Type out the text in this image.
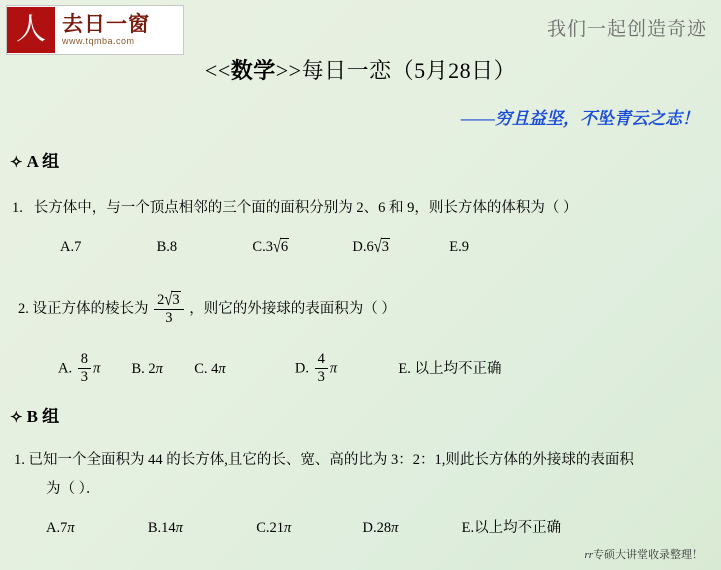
人 去日一窗
www.tqmba.com
我们一起创造奇迹
<<数学>>每日一恋（5月28日）
——穷且益坚，不坠青云之志！
✧ A 组
1. 长方体中，与一个顶点相邻的三个面的面积分别为 2、6 和 9，则长方体的体积为（ ）
A.7	B.8	C.3√6	D.6√3	E.9
2. 设正方体的棱长为 $\frac{2√3}{3}$ ，则它的外接球的表面积为（ ）
A. $\frac{8}{3}$ π B. 2π C. 4π	D. $\frac{4}{3}$ π	E. 以上均不正确
✧ B 组
1. 已知一个全面积为 44 的长方体,且它的长、宽、高的比为 3：2：1,则此长方体的外接球的表面积
为（ ）．
A.7π	B.14π	C.21π	D.28π	E.以上均不正确
rr专硕大讲堂收录整理！
